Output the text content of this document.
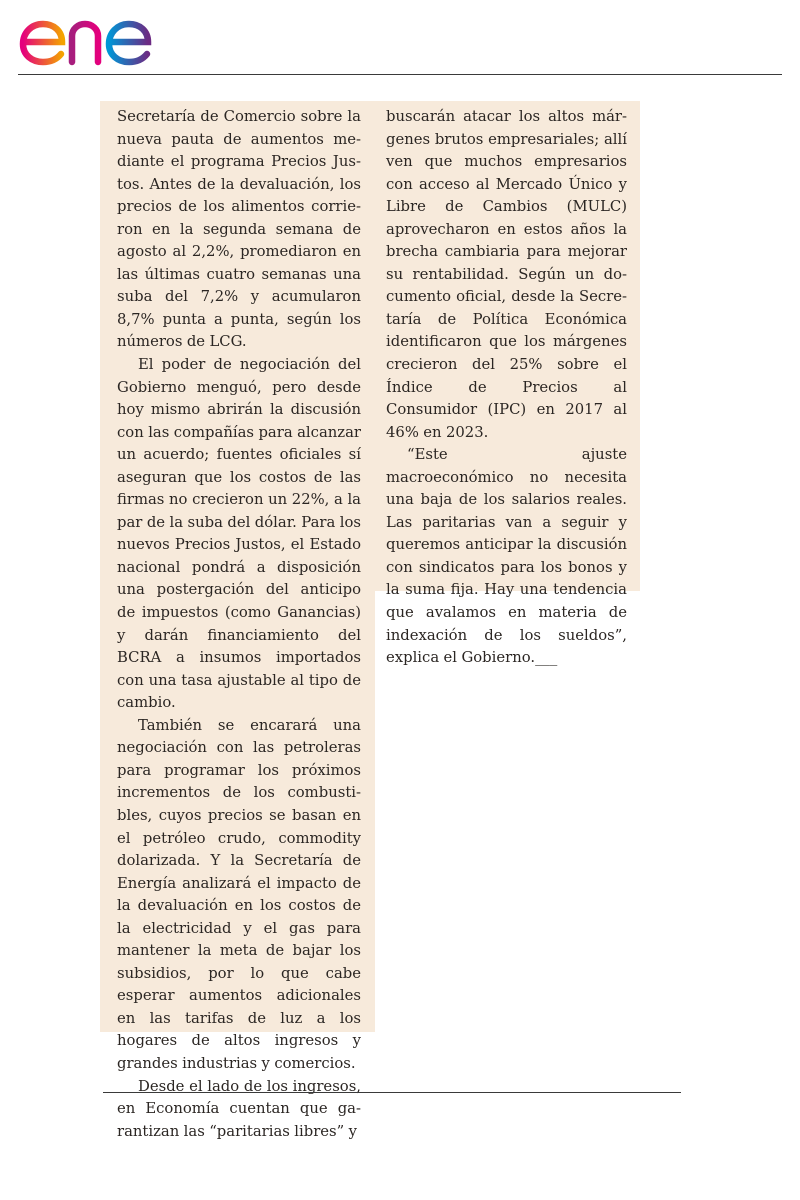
Secretaría de Comercio sobre la nueva pauta de aumentos mediante el programa Precios Justos. Antes de la devaluación, los precios de los alimentos corrieron en la segunda semana de agosto al 2,2%, promediaron en las últimas cuatro semanas una suba del 7,2% y acumularon 8,7% punta a punta, según los números de LCG.

El poder de negociación del Gobierno menguó, pero desde hoy mismo abrirán la discusión con las compañías para alcanzar un acuerdo; fuentes oficiales sí aseguran que los costos de las firmas no crecieron un 22%, a la par de la suba del dólar. Para los nuevos Precios Justos, el Estado nacional pondrá a disposición una postergación del anticipo de impuestos (como Ganancias) y darán financiamiento del BCRA a insumos importados con una tasa ajustable al tipo de cambio.

También se encarará una negociación con las petroleras para programar los próximos incrementos de los combustibles, cuyos precios se basan en el petróleo crudo, commodity dolarizada. Y la Secretaría de Energía analizará el impacto de la devaluación en los costos de la electricidad y el gas para mantener la meta de bajar los subsidios, por lo que cabe esperar aumentos adicionales en las tarifas de luz a los hogares de altos ingresos y grandes industrias y comercios.

Desde el lado de los ingresos, en Economía cuentan que garantizan las “paritarias libres” y

buscarán atacar los altos márgenes brutos empresariales; allí ven que muchos empresarios con acceso al Mercado Único y Libre de Cambios (MULC) aprovecharon en estos años la brecha cambiaria para mejorar su rentabilidad. Según un documento oficial, desde la Secretaría de Política Económica identificaron que los márgenes crecieron del 25% sobre el Índice de Precios al Consumidor (IPC) en 2017 al 46% en 2023.

“Este ajuste macroeconómico no necesita una baja de los salarios reales. Las paritarias van a seguir y queremos anticipar la discusión con sindicatos para los bonos y la suma fija. Hay una tendencia que avalamos en materia de indexación de los sueldos”, explica el Gobierno.___
